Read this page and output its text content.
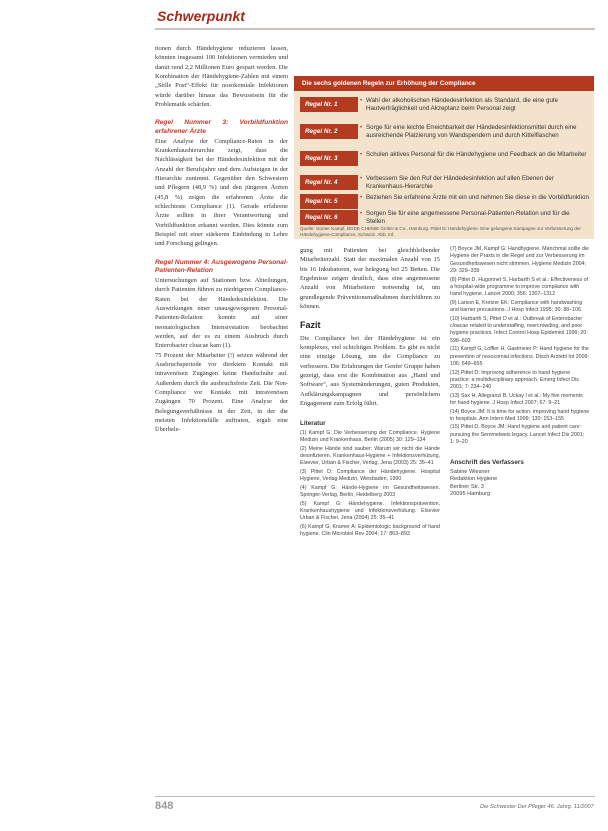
Schwerpunkt

tionen durch Händehygiene reduzieren lassen, könnten insgesamt 100 Infektionen vermieden und damit rund 2,2 Millionen Euro gespart werden. Die Kombination der Händehygiene-Zahlen mit einem „Stille Post“-Effekt für nosokomiale Infektionen würde darüber hinaus das Bewusstsein für die Problematik schärfen.

Regel Nummer 3: Vorbildfunktion erfahrener Ärzte

Eine Analyse der Compliance-Raten in der Krankenhaushierarchie zeigt, dass die Nachlässigkeit bei der Händedesinfektion mit der Anzahl der Berufsjahre und dem Aufsteigen in der Hierarchie zunimmt. Gegenüber den Schwestern und Pflegern (48,9 %) und den jüngeren Ärzten (45,8 %) zeigen die erfahrenen Ärzte die schlechteste Compliance (1). Gerade erfahrene Ärzte sollten in ihrer Verantwortung und Vorbildfunktion erkannt werden. Dies könnte zum Beispiel mit einer stärkeren Einbindung in Lehre und Forschung gelingen.

Regel Nummer 4: Ausgewogene Personal-Patienten-Relation

Untersuchungen auf Stationen bzw. Abteilungen, durch Patienten führen zu niedrigeren Compliance-Raten bei der Händedesinfektion. Die Auswirkungen einer unausgewogenen Personal-Patienten-Relation konnte auf einer neonatologischen Intensivstation beobachtet werden, auf der es zu einem Ausbruch durch Enterobacter cloacae kam (1).

75 Prozent der Mitarbeiter (!) setzen während der Ausbruchsperiode vor direktem Kontakt mit intravenösen Zugängen keine Handschuhe auf. Außerdem durch die ausbruchsfreie Zeit. Die Non-Compliance vor Kontakt mit intravenösen Zugängen 70 Prozent. Eine Analyse der Belegungsverhältnisse in der Zeit, in der die meisten Infektionsfälle auftraten, ergab eine Überbele-

Die sechs goldenen Regeln zur Erhöhung der Compliance
Regel Nr. 1
• Wahl der alkoholischen Händedesinfektion als Standard, die eine gute Hautverträglichkeit und Akzeptanz beim Personal zeigt
Regel Nr. 2
• Sorge für eine leichte Erreichbarkeit der Händedesinfektionsmittel durch eine ausreichende Platzierung von Wandspendern und durch Kittelflaschen
Regel Nr. 3
• Schulen aktives Personal für die Händehygiene und Feedback an die Mitarbeiter
Regel Nr. 4
• Verbessern Sie den Ruf der Händedesinfektion auf allen Ebenen der Krankenhaus-Hierarchie
Quelle: Günter Kampf, BODE CHEMIE GmbH & Co., Hamburg. Pittet D: Händehygiene. Eine gelungene Kampagne zur Verbesserung der Händehygiene-Compliance, Schweiz. Abb. Inf.

gung mit Patienten bei gleichbleibender Mitarbeiterzahl. Statt der maximalen Anzahl von 15 bis 16 Inkubatoren, war belegung bei 25 Betten. Die Ergebnisse zeigen deutlich, dass eine angemessene Anzahl von Mitarbeitern notwendig ist, um grundlegende Präventionsmaßnahmen durchführen zu können.

Fazit

Die Compliance bei der Händehygiene ist ein komplexes, viel schichtiges Problem. Es gibt es nicht eine einzige Lösung, um die Compliance zu verbessern. Die Erfahrungen der Genfer Gruppe haben gezeigt, dass erst die Kombination aus „Hand und Software“, aus Systemänderungen, guten Produkten, Aufklärungskampagnen und persönlichem Engagement zum Erfolg führt.

Literatur

(1) Kampf G: Die Verbesserung der Compliance. Hygiene Medizin und Krankenhaus, Berlin (2005) 30: 129–134

(2) Meine Hände sind sauber: Warum wir nicht die Hände desinfizieren. Krankenhaus-Hygiene + Infektionsverhütung, Elsevier, Urban & Fischer, Verlag, Jena (2003) 25: 35–41

(3) Pittet D: Compliance der Händehygiene. Hospital Hygiene, Verlag Medizin, Wiesbaden, 1990

(4) Kampf G: Hände-Hygiene im Gesundheitswesen. Springer-Verlag, Berlin, Heidelberg 2003

(5) Kampf G: Händehygiene. Infektionsprävention, Krankenhaushygiene und Infektionsverhütung. Elsevier Urban & Fischer, Jena (2004) 25: 35–41

(6) Kampf G, Kramer A: Epidemiologic background of hand hygiene. Clin Microbiol Rev 2004; 17: 863–893

(7) Boyce JM, Kampf G: Handhygiene. Manchmal sollte die Hygiene der Praxis in die Regel und zur Verbesserung im Gesundheitswesen nicht stimmen. Hygiene Medizin 2004; 29: 329–339

(8) Pittet D, Hugonnet S, Harbarth S et al.: Effectiveness of a hospital-wide programme to improve compliance with hand hygiene. Lancet 2000; 356: 1307–1312

(9) Larson E, Kretzer EK: Compliance with handwashing and barrier precautions. J Hosp Infect 1995; 30: 88–106

(10) Harbarth S, Pittet D et al.: Outbreak of Enterobacter cloacae related to understaffing, overcrowding, and poor hygiene practices. Infect Control Hosp Epidemiol 1999; 20: 598–603

(11) Kampf G, Loffler H, Gastmeier P: Hand hygiene for the prevention of nosocomial infections. Dtsch Arztebl Int 2009; 106: 649–655

(12) Pittet D: Improving adherence to hand hygiene practice: a multidisciplinary approach. Emerg Infect Dis 2001; 7: 234–240

(13) Sax H, Allegranzi B, Uckay I et al.: My five moments for hand hygiene. J Hosp Infect 2007; 67: 9–21

(14) Boyce JM: It is time for action: improving hand hygiene in hospitals. Ann Intern Med 1999; 130: 153–155

(15) Pittet D, Boyce JM: Hand hygiene and patient care: pursuing the Semmelweis legacy. Lancet Infect Dis 2001; 1: 9–20

Anschrift des Verfassers
Sabine Wiesner
Redaktion Hygiene
Berliner Str. 3
20095 Hamburg
848	Die Schwester Der Pfleger 46. Jahrg. 11/2007
Regel Nr. 5
• Beziehen Sie erfahrene Ärzte mit ein und nehmen Sie diese in die Vorbildfunktion
Regel Nr. 6
• Sorgen Sie für eine angemessene Personal-Patienten-Relation und für die Stellen
